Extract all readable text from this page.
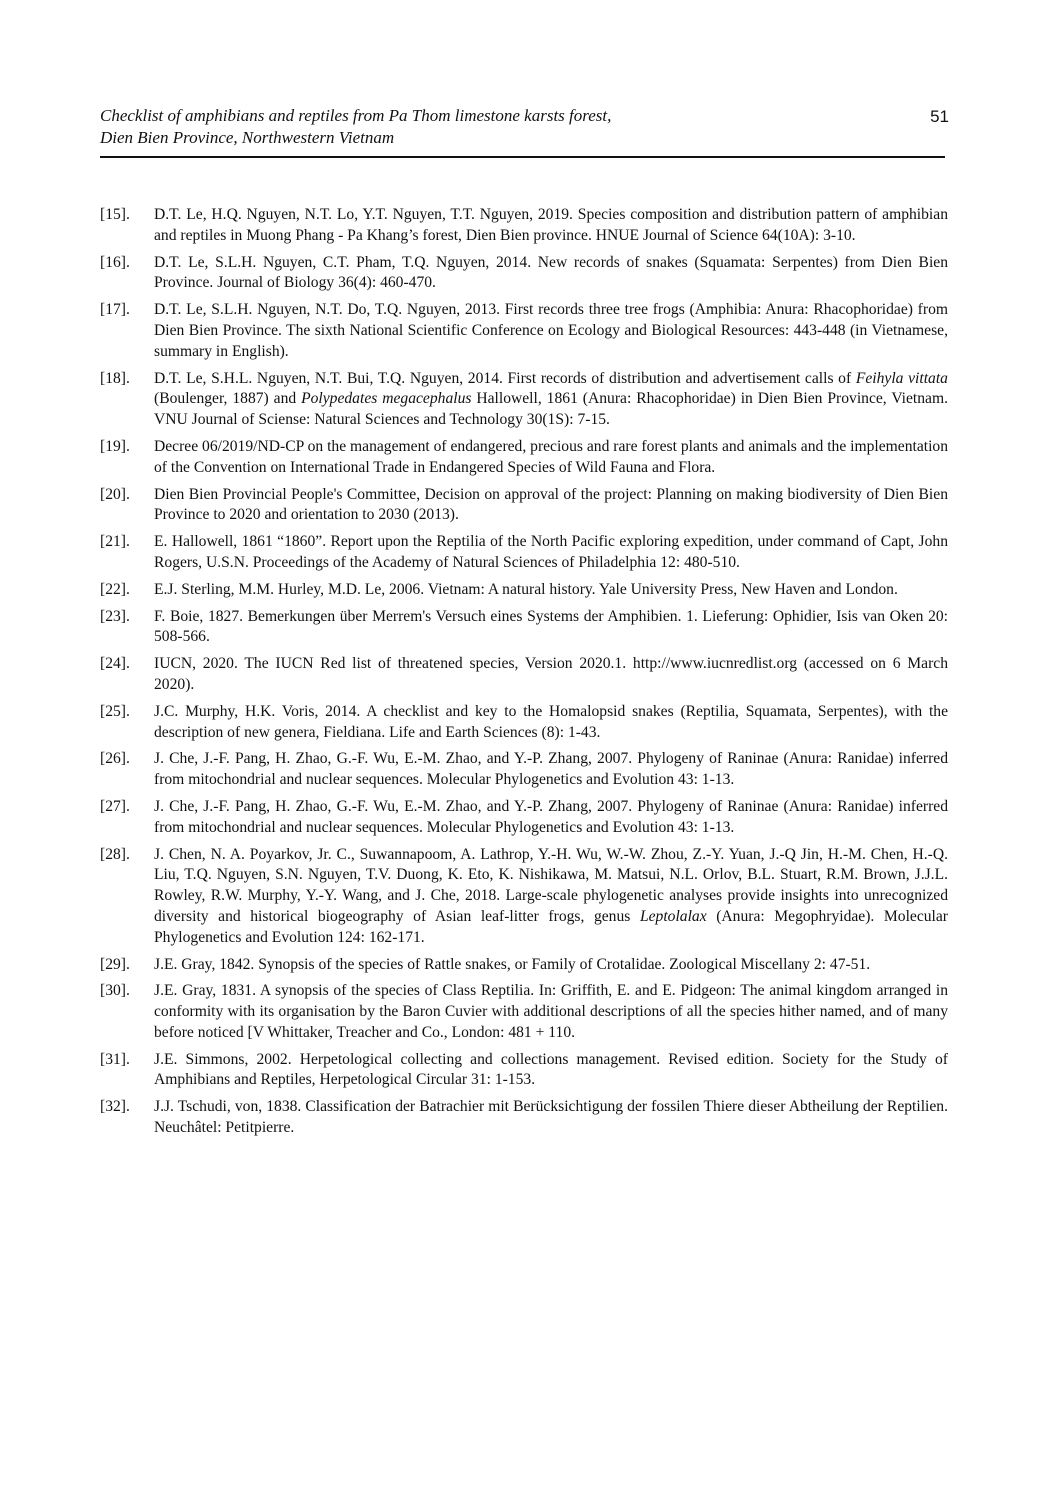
Checklist of amphibians and reptiles from Pa Thom limestone karsts forest,
Dien Bien Province, Northwestern Vietnam
51
[15].	D.T. Le, H.Q. Nguyen, N.T. Lo, Y.T. Nguyen, T.T. Nguyen, 2019. Species composition and distribution pattern of amphibian and reptiles in Muong Phang - Pa Khang’s forest, Dien Bien province. HNUE Journal of Science 64(10A): 3-10.
[16].	D.T. Le, S.L.H. Nguyen, C.T. Pham, T.Q. Nguyen, 2014. New records of snakes (Squamata: Serpentes) from Dien Bien Province. Journal of Biology 36(4): 460-470.
[17].	D.T. Le, S.L.H. Nguyen, N.T. Do, T.Q. Nguyen, 2013. First records three tree frogs (Amphibia: Anura: Rhacophoridae) from Dien Bien Province. The sixth National Scientific Conference on Ecology and Biological Resources: 443-448 (in Vietnamese, summary in English).
[18].	D.T. Le, S.H.L. Nguyen, N.T. Bui, T.Q. Nguyen, 2014. First records of distribution and advertisement calls of Feihyla vittata (Boulenger, 1887) and Polypedates megacephalus Hallowell, 1861 (Anura: Rhacophoridae) in Dien Bien Province, Vietnam. VNU Journal of Sciense: Natural Sciences and Technology 30(1S): 7-15.
[19].	Decree 06/2019/ND-CP on the management of endangered, precious and rare forest plants and animals and the implementation of the Convention on International Trade in Endangered Species of Wild Fauna and Flora.
[20].	Dien Bien Provincial People's Committee, Decision on approval of the project: Planning on making biodiversity of Dien Bien Province to 2020 and orientation to 2030 (2013).
[21].	E. Hallowell, 1861 “1860”. Report upon the Reptilia of the North Pacific exploring expedition, under command of Capt, John Rogers, U.S.N. Proceedings of the Academy of Natural Sciences of Philadelphia 12: 480-510.
[22].	E.J. Sterling, M.M. Hurley, M.D. Le, 2006. Vietnam: A natural history. Yale University Press, New Haven and London.
[23].	F. Boie, 1827. Bemerkungen über Merrem's Versuch eines Systems der Amphibien. 1. Lieferung: Ophidier, Isis van Oken 20: 508-566.
[24].	IUCN, 2020. The IUCN Red list of threatened species, Version 2020.1. http://www.iucnredlist.org (accessed on 6 March 2020).
[25].	J.C. Murphy, H.K. Voris, 2014. A checklist and key to the Homalopsid snakes (Reptilia, Squamata, Serpentes), with the description of new genera, Fieldiana. Life and Earth Sciences (8): 1-43.
[26].	J. Che, J.-F. Pang, H. Zhao, G.-F. Wu, E.-M. Zhao, and Y.-P. Zhang, 2007. Phylogeny of Raninae (Anura: Ranidae) inferred from mitochondrial and nuclear sequences. Molecular Phylogenetics and Evolution 43: 1-13.
[27].	J. Che, J.-F. Pang, H. Zhao, G.-F. Wu, E.-M. Zhao, and Y.-P. Zhang, 2007. Phylogeny of Raninae (Anura: Ranidae) inferred from mitochondrial and nuclear sequences. Molecular Phylogenetics and Evolution 43: 1-13.
[28].	J. Chen, N. A. Poyarkov, Jr. C., Suwannapoom, A. Lathrop, Y.-H. Wu, W.-W. Zhou, Z.-Y. Yuan, J.-Q Jin, H.-M. Chen, H.-Q. Liu, T.Q. Nguyen, S.N. Nguyen, T.V. Duong, K. Eto, K. Nishikawa, M. Matsui, N.L. Orlov, B.L. Stuart, R.M. Brown, J.J.L. Rowley, R.W. Murphy, Y.-Y. Wang, and J. Che, 2018. Large-scale phylogenetic analyses provide insights into unrecognized diversity and historical biogeography of Asian leaf-litter frogs, genus Leptolalax (Anura: Megophryidae). Molecular Phylogenetics and Evolution 124: 162-171.
[29].	J.E. Gray, 1842. Synopsis of the species of Rattle snakes, or Family of Crotalidae. Zoological Miscellany 2: 47-51.
[30].	J.E. Gray, 1831. A synopsis of the species of Class Reptilia. In: Griffith, E. and E. Pidgeon: The animal kingdom arranged in conformity with its organisation by the Baron Cuvier with additional descriptions of all the species hither named, and of many before noticed [V Whittaker, Treacher and Co., London: 481 + 110.
[31].	J.E. Simmons, 2002. Herpetological collecting and collections management. Revised edition. Society for the Study of Amphibians and Reptiles, Herpetological Circular 31: 1-153.
[32].	J.J. Tschudi, von, 1838. Classification der Batrachier mit Berücksichtigung der fossilen Thiere dieser Abtheilung der Reptilien. Neuchâtel: Petitpierre.
